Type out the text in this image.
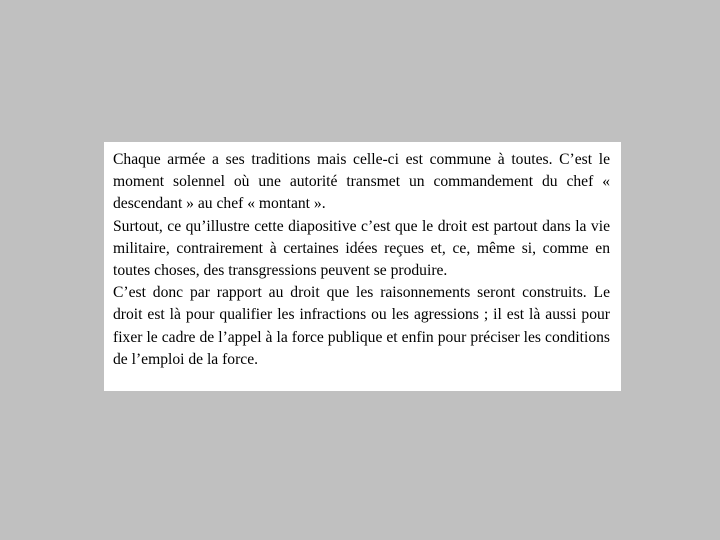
Chaque armée a ses traditions mais celle-ci est commune à toutes. C’est le moment solennel où une autorité transmet un commandement du chef « descendant » au chef « montant ».

Surtout, ce qu’illustre cette diapositive c’est que le droit est partout dans la vie militaire, contrairement à certaines idées reçues et, ce, même si, comme en toutes choses, des transgressions peuvent se produire.

C’est donc par rapport au droit que les raisonnements seront construits. Le droit est là pour qualifier les infractions ou les agressions ; il est là aussi pour fixer le cadre de l’appel à la force publique et enfin pour préciser les conditions de l’emploi de la force.
